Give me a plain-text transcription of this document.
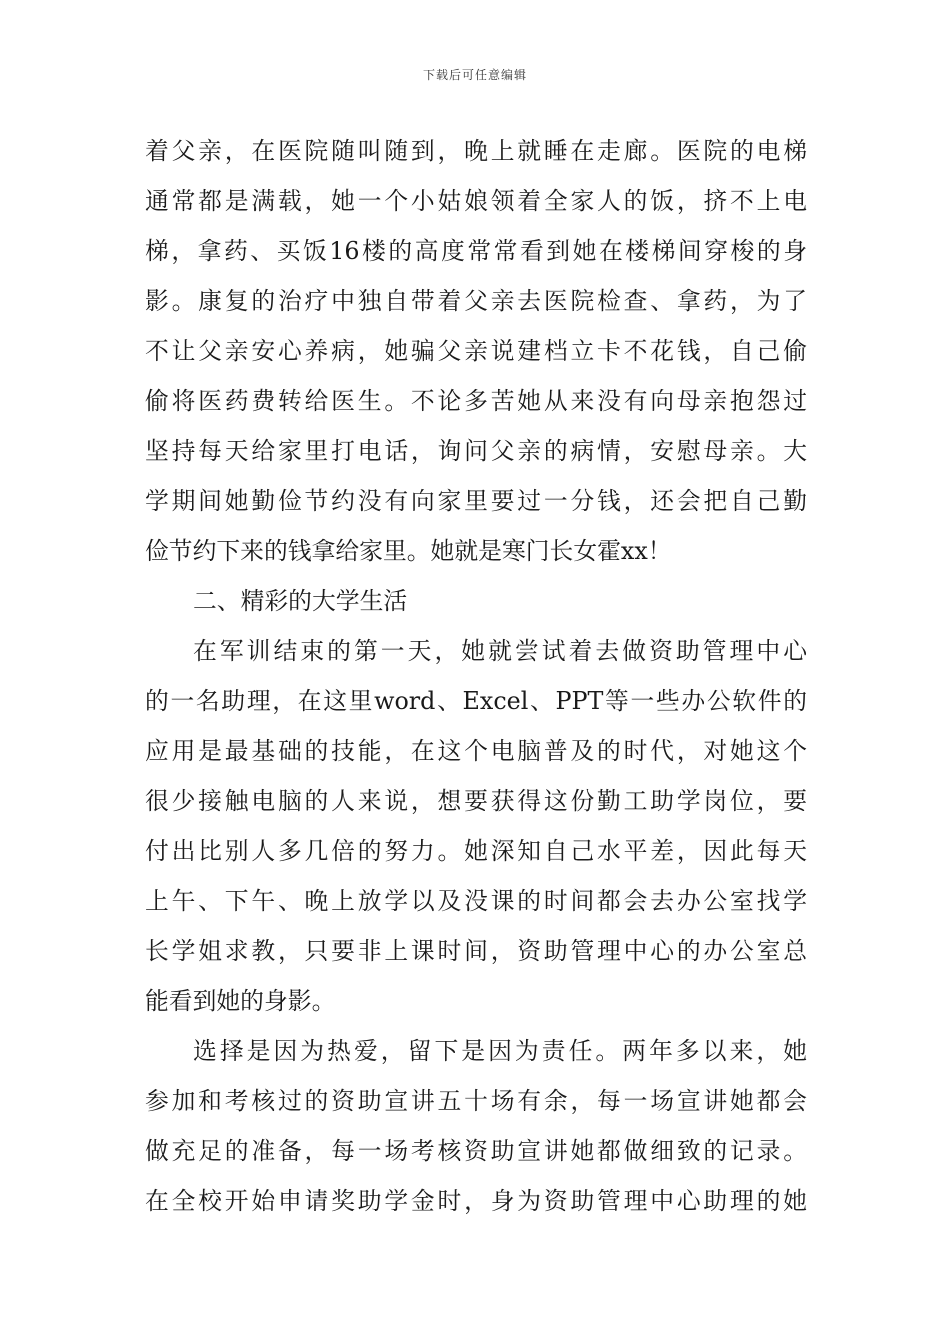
下载后可任意编辑
着父亲，在医院随叫随到，晚上就睡在走廊。医院的电梯
通常都是满载，她一个小姑娘领着全家人的饭，挤不上电
梯，拿药、买饭16楼的高度常常看到她在楼梯间穿梭的身
影。康复的治疗中独自带着父亲去医院检查、拿药，为了
不让父亲安心养病，她骗父亲说建档立卡不花钱，自己偷
偷将医药费转给医生。不论多苦她从来没有向母亲抱怨过
坚持每天给家里打电话，询问父亲的病情，安慰母亲。大
学期间她勤俭节约没有向家里要过一分钱，还会把自己勤
俭节约下来的钱拿给家里。她就是寒门长女霍xx！
二、精彩的大学生活
在军训结束的第一天，她就尝试着去做资助管理中心
的一名助理，在这里word、Excel、PPT等一些办公软件的
应用是最基础的技能，在这个电脑普及的时代，对她这个
很少接触电脑的人来说，想要获得这份勤工助学岗位，要
付出比别人多几倍的努力。她深知自己水平差，因此每天
上午、下午、晚上放学以及没课的时间都会去办公室找学
长学姐求教，只要非上课时间，资助管理中心的办公室总
能看到她的身影。
选择是因为热爱，留下是因为责任。两年多以来，她
参加和考核过的资助宣讲五十场有余，每一场宣讲她都会
做充足的准备，每一场考核资助宣讲她都做细致的记录。
在全校开始申请奖助学金时，身为资助管理中心助理的她
